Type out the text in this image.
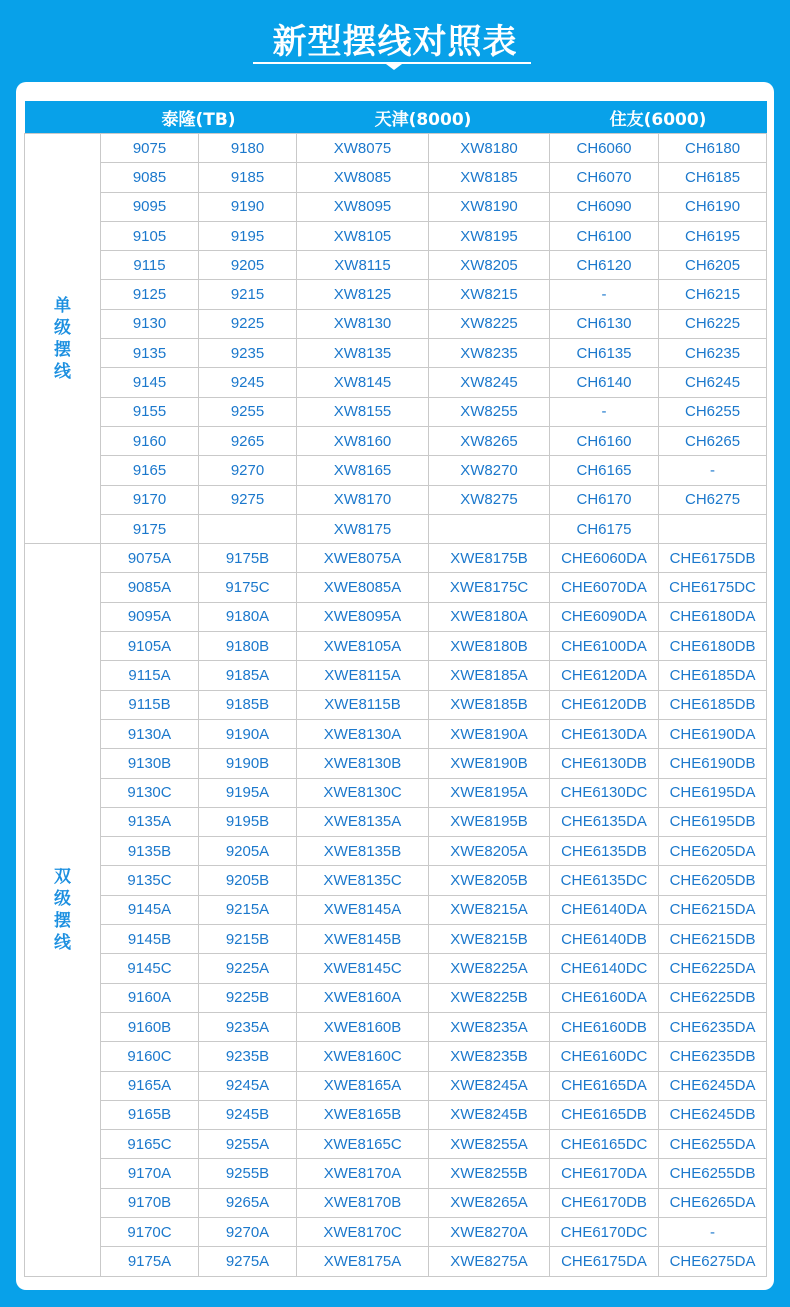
新型摆线对照表
	泰隆(TB)		天津(8000)		住友(6000)	
单级摆线	9075	9180	XW8075	XW8180	CH6060	CH6180
	9085	9185	XW8085	XW8185	CH6070	CH6185
	9095	9190	XW8095	XW8190	CH6090	CH6190
	9105	9195	XW8105	XW8195	CH6100	CH6195
	9115	9205	XW8115	XW8205	CH6120	CH6205
	9125	9215	XW8125	XW8215	-	CH6215
	9130	9225	XW8130	XW8225	CH6130	CH6225
	9135	9235	XW8135	XW8235	CH6135	CH6235
	9145	9245	XW8145	XW8245	CH6140	CH6245
	9155	9255	XW8155	XW8255	-	CH6255
	9160	9265	XW8160	XW8265	CH6160	CH6265
	9165	9270	XW8165	XW8270	CH6165	-
	9170	9275	XW8170	XW8275	CH6170	CH6275
	9175		XW8175		CH6175	
双级摆线	9075A	9175B	XWE8075A	XWE8175B	CHE6060DA	CHE6175DB
	9085A	9175C	XWE8085A	XWE8175C	CHE6070DA	CHE6175DC
	9095A	9180A	XWE8095A	XWE8180A	CHE6090DA	CHE6180DA
	9105A	9180B	XWE8105A	XWE8180B	CHE6100DA	CHE6180DB
	9115A	9185A	XWE8115A	XWE8185A	CHE6120DA	CHE6185DA
	9115B	9185B	XWE8115B	XWE8185B	CHE6120DB	CHE6185DB
	9130A	9190A	XWE8130A	XWE8190A	CHE6130DA	CHE6190DA
	9130B	9190B	XWE8130B	XWE8190B	CHE6130DB	CHE6190DB
	9130C	9195A	XWE8130C	XWE8195A	CHE6130DC	CHE6195DA
	9135A	9195B	XWE8135A	XWE8195B	CHE6135DA	CHE6195DB
	9135B	9205A	XWE8135B	XWE8205A	CHE6135DB	CHE6205DA
	9135C	9205B	XWE8135C	XWE8205B	CHE6135DC	CHE6205DB
	9145A	9215A	XWE8145A	XWE8215A	CHE6140DA	CHE6215DA
	9145B	9215B	XWE8145B	XWE8215B	CHE6140DB	CHE6215DB
	9145C	9225A	XWE8145C	XWE8225A	CHE6140DC	CHE6225DA
	9160A	9225B	XWE8160A	XWE8225B	CHE6160DA	CHE6225DB
	9160B	9235A	XWE8160B	XWE8235A	CHE6160DB	CHE6235DA
	9160C	9235B	XWE8160C	XWE8235B	CHE6160DC	CHE6235DB
	9165A	9245A	XWE8165A	XWE8245A	CHE6165DA	CHE6245DA
	9165B	9245B	XWE8165B	XWE8245B	CHE6165DB	CHE6245DB
	9165C	9255A	XWE8165C	XWE8255A	CHE6165DC	CHE6255DA
	9170A	9255B	XWE8170A	XWE8255B	CHE6170DA	CHE6255DB
	9170B	9265A	XWE8170B	XWE8265A	CHE6170DB	CHE6265DA
	9170C	9270A	XWE8170C	XWE8270A	CHE6170DC	-
	9175A	9275A	XWE8175A	XWE8275A	CHE6175DA	CHE6275DA
